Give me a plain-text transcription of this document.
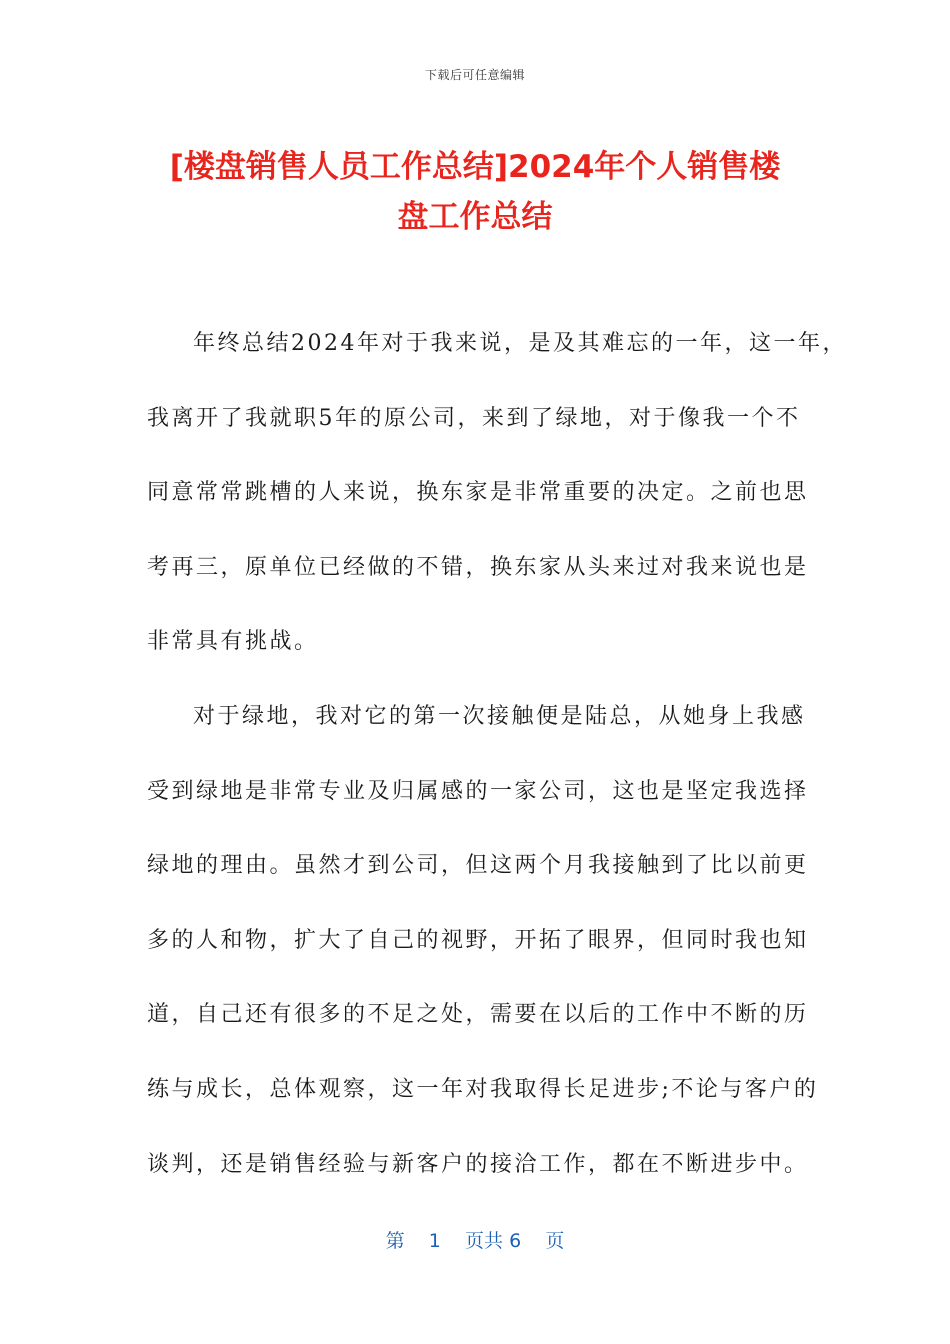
下载后可任意编辑
[楼盘销售人员工作总结]2024年个人销售楼
盘工作总结
年终总结2024年对于我来说，是及其难忘的一年，这一年，
我离开了我就职5年的原公司，来到了绿地，对于像我一个不
同意常常跳槽的人来说，换东家是非常重要的决定。之前也思
考再三，原单位已经做的不错，换东家从头来过对我来说也是
非常具有挑战。
对于绿地，我对它的第一次接触便是陆总，从她身上我感
受到绿地是非常专业及归属感的一家公司，这也是坚定我选择
绿地的理由。虽然才到公司，但这两个月我接触到了比以前更
多的人和物，扩大了自己的视野，开拓了眼界，但同时我也知
道，自己还有很多的不足之处，需要在以后的工作中不断的历
练与成长，总体观察，这一年对我取得长足进步;不论与客户的
谈判，还是销售经验与新客户的接洽工作，都在不断进步中。
第 1 页共 6 页
